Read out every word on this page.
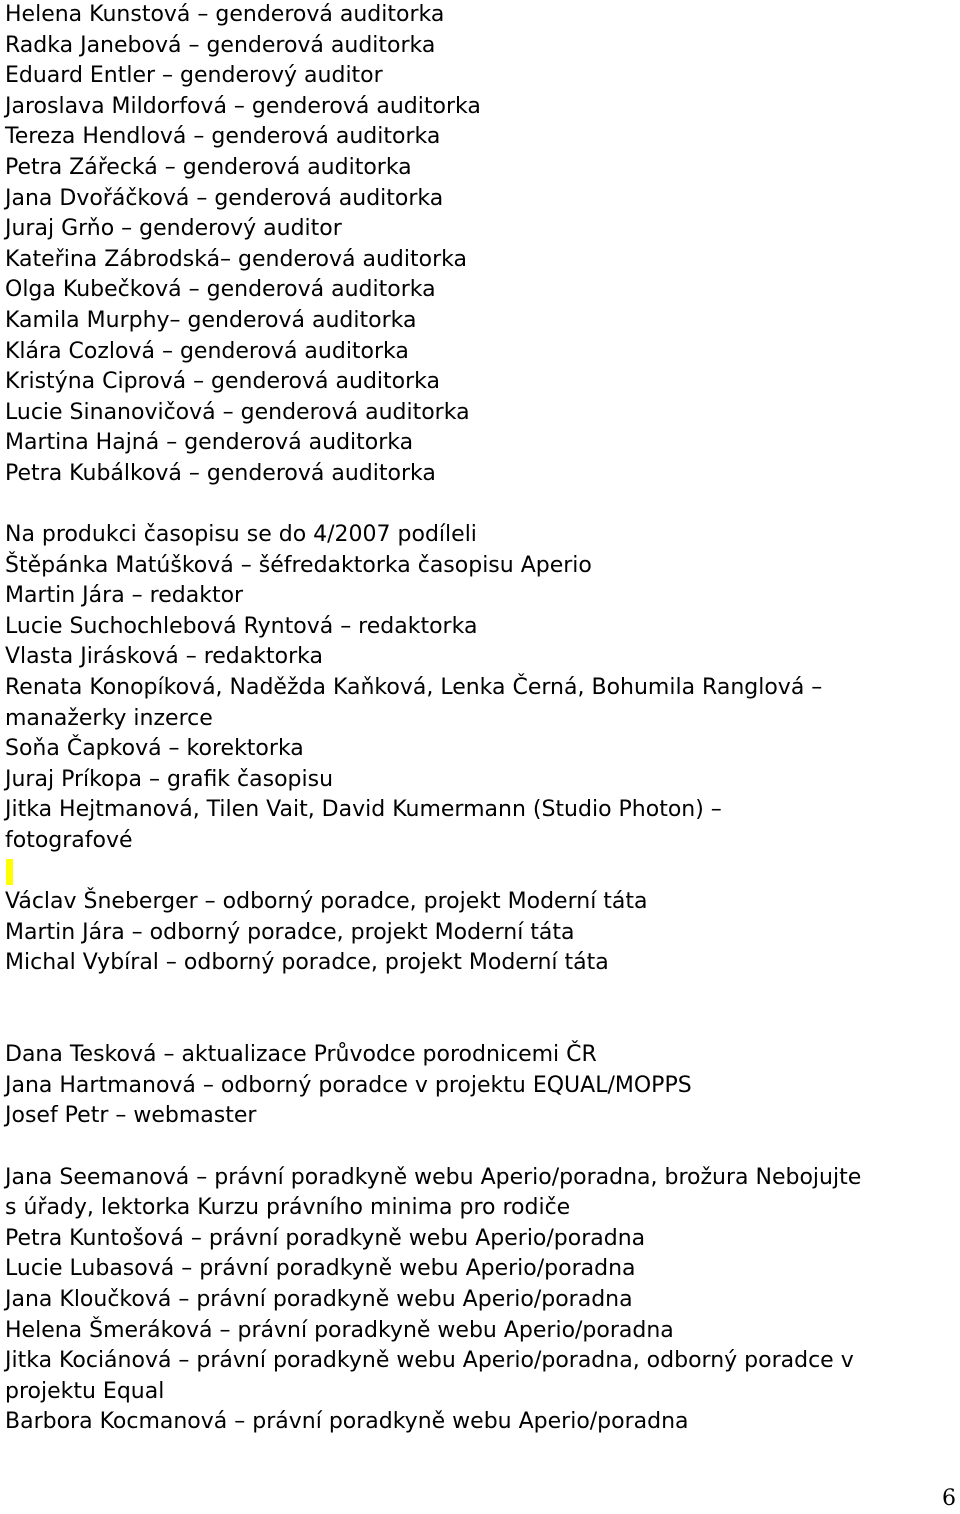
Helena Kunstová – genderová auditorka
Radka Janebová – genderová auditorka
Eduard Entler – genderový auditor
Jaroslava Mildorfová – genderová auditorka
Tereza Hendlová – genderová auditorka
Petra Zářecká – genderová auditorka
Jana Dvořáčková – genderová auditorka
Juraj Grňo – genderový auditor
Kateřina Zábrodská– genderová auditorka
Olga Kubečková – genderová auditorka
Kamila Murphy– genderová auditorka
Klára Cozlová – genderová auditorka
Kristýna Ciprová – genderová auditorka
Lucie Sinanovičová – genderová auditorka
Martina Hajná – genderová auditorka
Petra Kubálková – genderová auditorka
Na produkci časopisu se do 4/2007 podíleli
Štěpánka Matúšková – šéfredaktorka časopisu Aperio
Martin Jára – redaktor
Lucie Suchochlebová Ryntová – redaktorka
Vlasta Jirásková – redaktorka
Renata Konopíková, Naděžda Kaňková, Lenka Černá, Bohumila Ranglová –
manažerky inzerce
Soňa Čapková – korektorka
Juraj Príkopa – grafik časopisu
Jitka Hejtmanová, Tilen Vait, David Kumermann (Studio Photon) –
fotografové
Václav Šneberger – odborný poradce, projekt Moderní táta
Martin Jára – odborný poradce, projekt Moderní táta
Michal Vybíral – odborný poradce, projekt Moderní táta
Dana Tesková – aktualizace Průvodce porodnicemi ČR
Jana Hartmanová – odborný poradce v projektu EQUAL/MOPPS
Josef Petr – webmaster
Jana Seemanová – právní poradkyně webu Aperio/poradna, brožura Nebojujte
s úřady, lektorka Kurzu právního minima pro rodiče
Petra Kuntošová – právní poradkyně webu Aperio/poradna
Lucie Lubasová – právní poradkyně webu Aperio/poradna
Jana Kloučková – právní poradkyně webu Aperio/poradna
Helena Šmeráková – právní poradkyně webu Aperio/poradna
Jitka Kociánová – právní poradkyně webu Aperio/poradna, odborný poradce v
projektu Equal
Barbora Kocmanová – právní poradkyně webu Aperio/poradna
6
